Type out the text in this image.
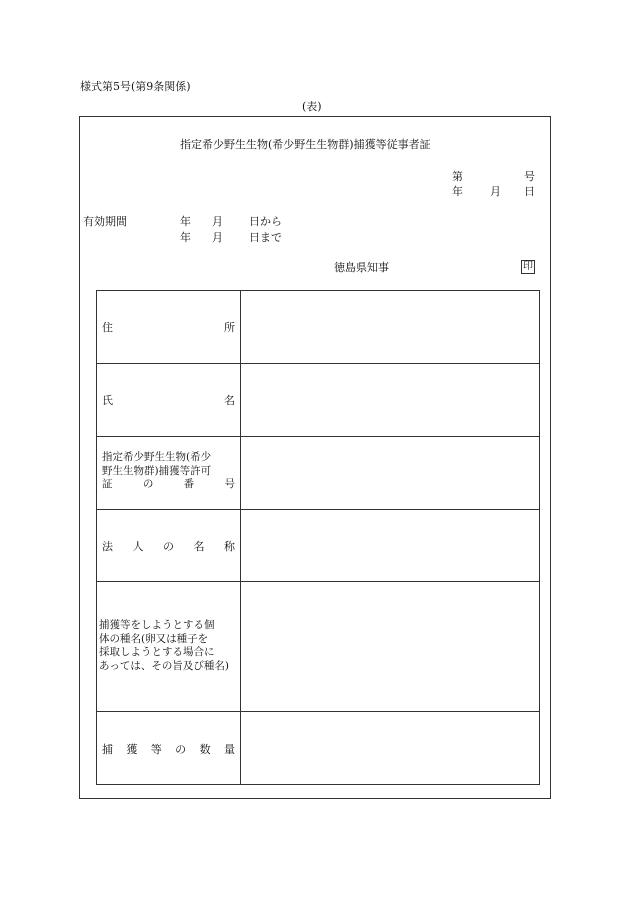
様式第5号(第9条関係)
(表)
指定希少野生生物(希少野生生物群)捕獲等従事者証
第	号
年 月 日
有効期間	年 月 日から
年 月 日まで
徳島県知事	印
住	所
氏	名
指定希少野生生物(希少
野生生物群)捕獲等許可
証	の	番	号
法 人 の 名 称
捕獲等をしようとする個
体の種名(卵又は種子を
採取しようとする場合に
あっては、その旨及び種名)
捕 獲 等 の 数 量
